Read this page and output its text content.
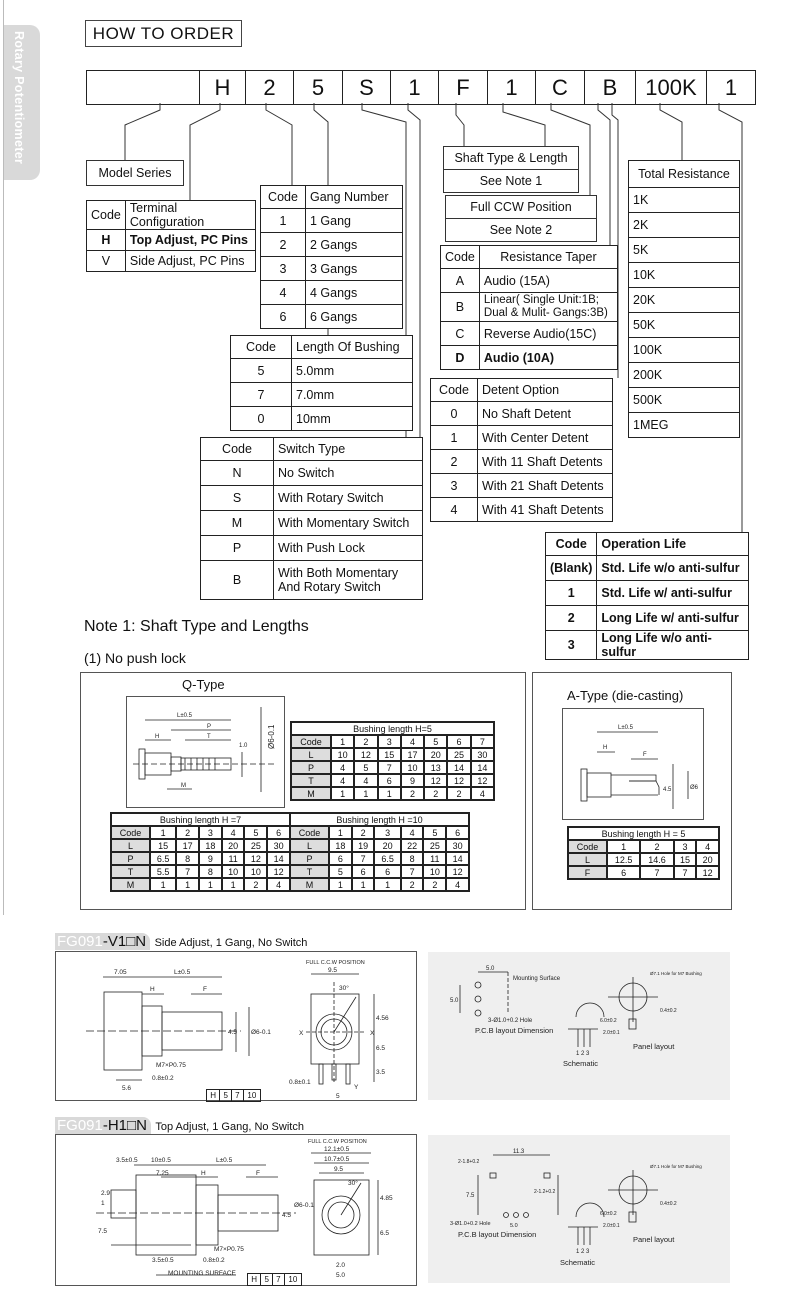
Rotary Potentiometer	HOW TO ORDER
H	2	5	S	1	F	1	C	B	100K	1
Model Series
Code	Terminal Configuration
H	Top Adjust, PC Pins
V	Side Adjust, PC Pins
Code	Gang Number
1	1 Gang
2	2 Gangs
3	3 Gangs
4	4 Gangs
6	6 Gangs
Code	Length Of Bushing
5	5.0mm
7	7.0mm
0	10mm
Code	Switch Type
N	No Switch
S	With Rotary Switch
M	With Momentary Switch
P	With Push Lock
B	With Both Momentary And Rotary Switch
Shaft Type & Length
See Note 1
Full CCW Position
See Note 2
Code	Resistance Taper
A	Audio (15A)
B	Linear( Single Unit:1B; Dual & Mulit- Gangs:3B)
C	Reverse Audio(15C)
D	Audio (10A)
Code	Detent Option
0	No Shaft Detent
1	With Center Detent
2	With 11 Shaft Detents
3	With 21 Shaft Detents
4	With 41 Shaft Detents
Total Resistance
1K
2K
5K
10K
20K
50K
100K
200K
500K
1MEG
Code	Operation Life
(Blank)	Std. Life w/o anti-sulfur
1	Std. Life w/ anti-sulfur
2	Long Life w/ anti-sulfur
3	Long Life w/o anti-sulfur
Note 1: Shaft Type and Lengths
(1) No push lock
Q-Type
L±0.5
P
T
H
M
1.0 Ø6-0.1	Bushing length H=5							
Code	1	2	3	4	5	6	7
L	10	12	15	17	20	25	30
P	4	5	7	10	13	14	14
T	4	4	6	9	12	12	12
M	1	1	1	2	2	2	4
Bushing length H =7						
Code	1	2	3	4	5	6
L	15	17	18	20	25	30
P	6.5	8	9	11	12	14
T	5.5	7	8	10	10	12
M	1	1	1	1	2	4
Bushing length H =10						
Code	1	2	3	4	5	6
L	18	19	20	22	25	30
P	6	7	6.5	8	11	14
T	5	6	6	7	10	12
M	1	1	1	2	2	4
A-Type (die-casting)
L±0.5
H
F
4.5	Ø6
Bushing length H = 5				
Code	1	2	3	4
L	12.5	14.6	15	20
F	6	7	7	12
FG091-V1□N Side Adjust, 1 Gang, No Switch
7.05	L±0.5
H	F
4.5 Ø6-0.1
M7×P0.75
0.8±0.2
5.6
FULL C.C.W POSITION
9.5
30°
4.56
6.5
3.5
0.8±0.1
5
X	X
Y
H	5	7	10
5.0
5.0
Mounting Surface
3-Ø1.0+0.2 Hole
P.C.B layout Dimension
1 2 3
Schematic
Ø7.1 Hole for M7 Bushing
6.0±0.2
0.4±0.2
2.0±0.1
Panel layout
FG091-H1□N Top Adjust, 1 Gang, No Switch
3.5±0.5 10±0.5	L±0.5
7.25	H	F
2.9
1
7.5
4.5
Ø6-0.1
M7×P0.75
3.5±0.5	0.8±0.2
MOUNTING SURFACE
FULL C.C.W POSITION
12.1±0.5
10.7±0.5
9.5
30°
4.85
6.5
2.0
5.0
H	5	7	10
11.3
2-1.8+0.2
7.5
2-1.2+0.2
3-Ø1.0+0.2 Hole	5.0
P.C.B layout Dimension
1 2 3
Schematic
Ø7.1 Hole for M7 Bushing
6.0±0.2
0.4±0.2
2.0±0.1
Panel layout
